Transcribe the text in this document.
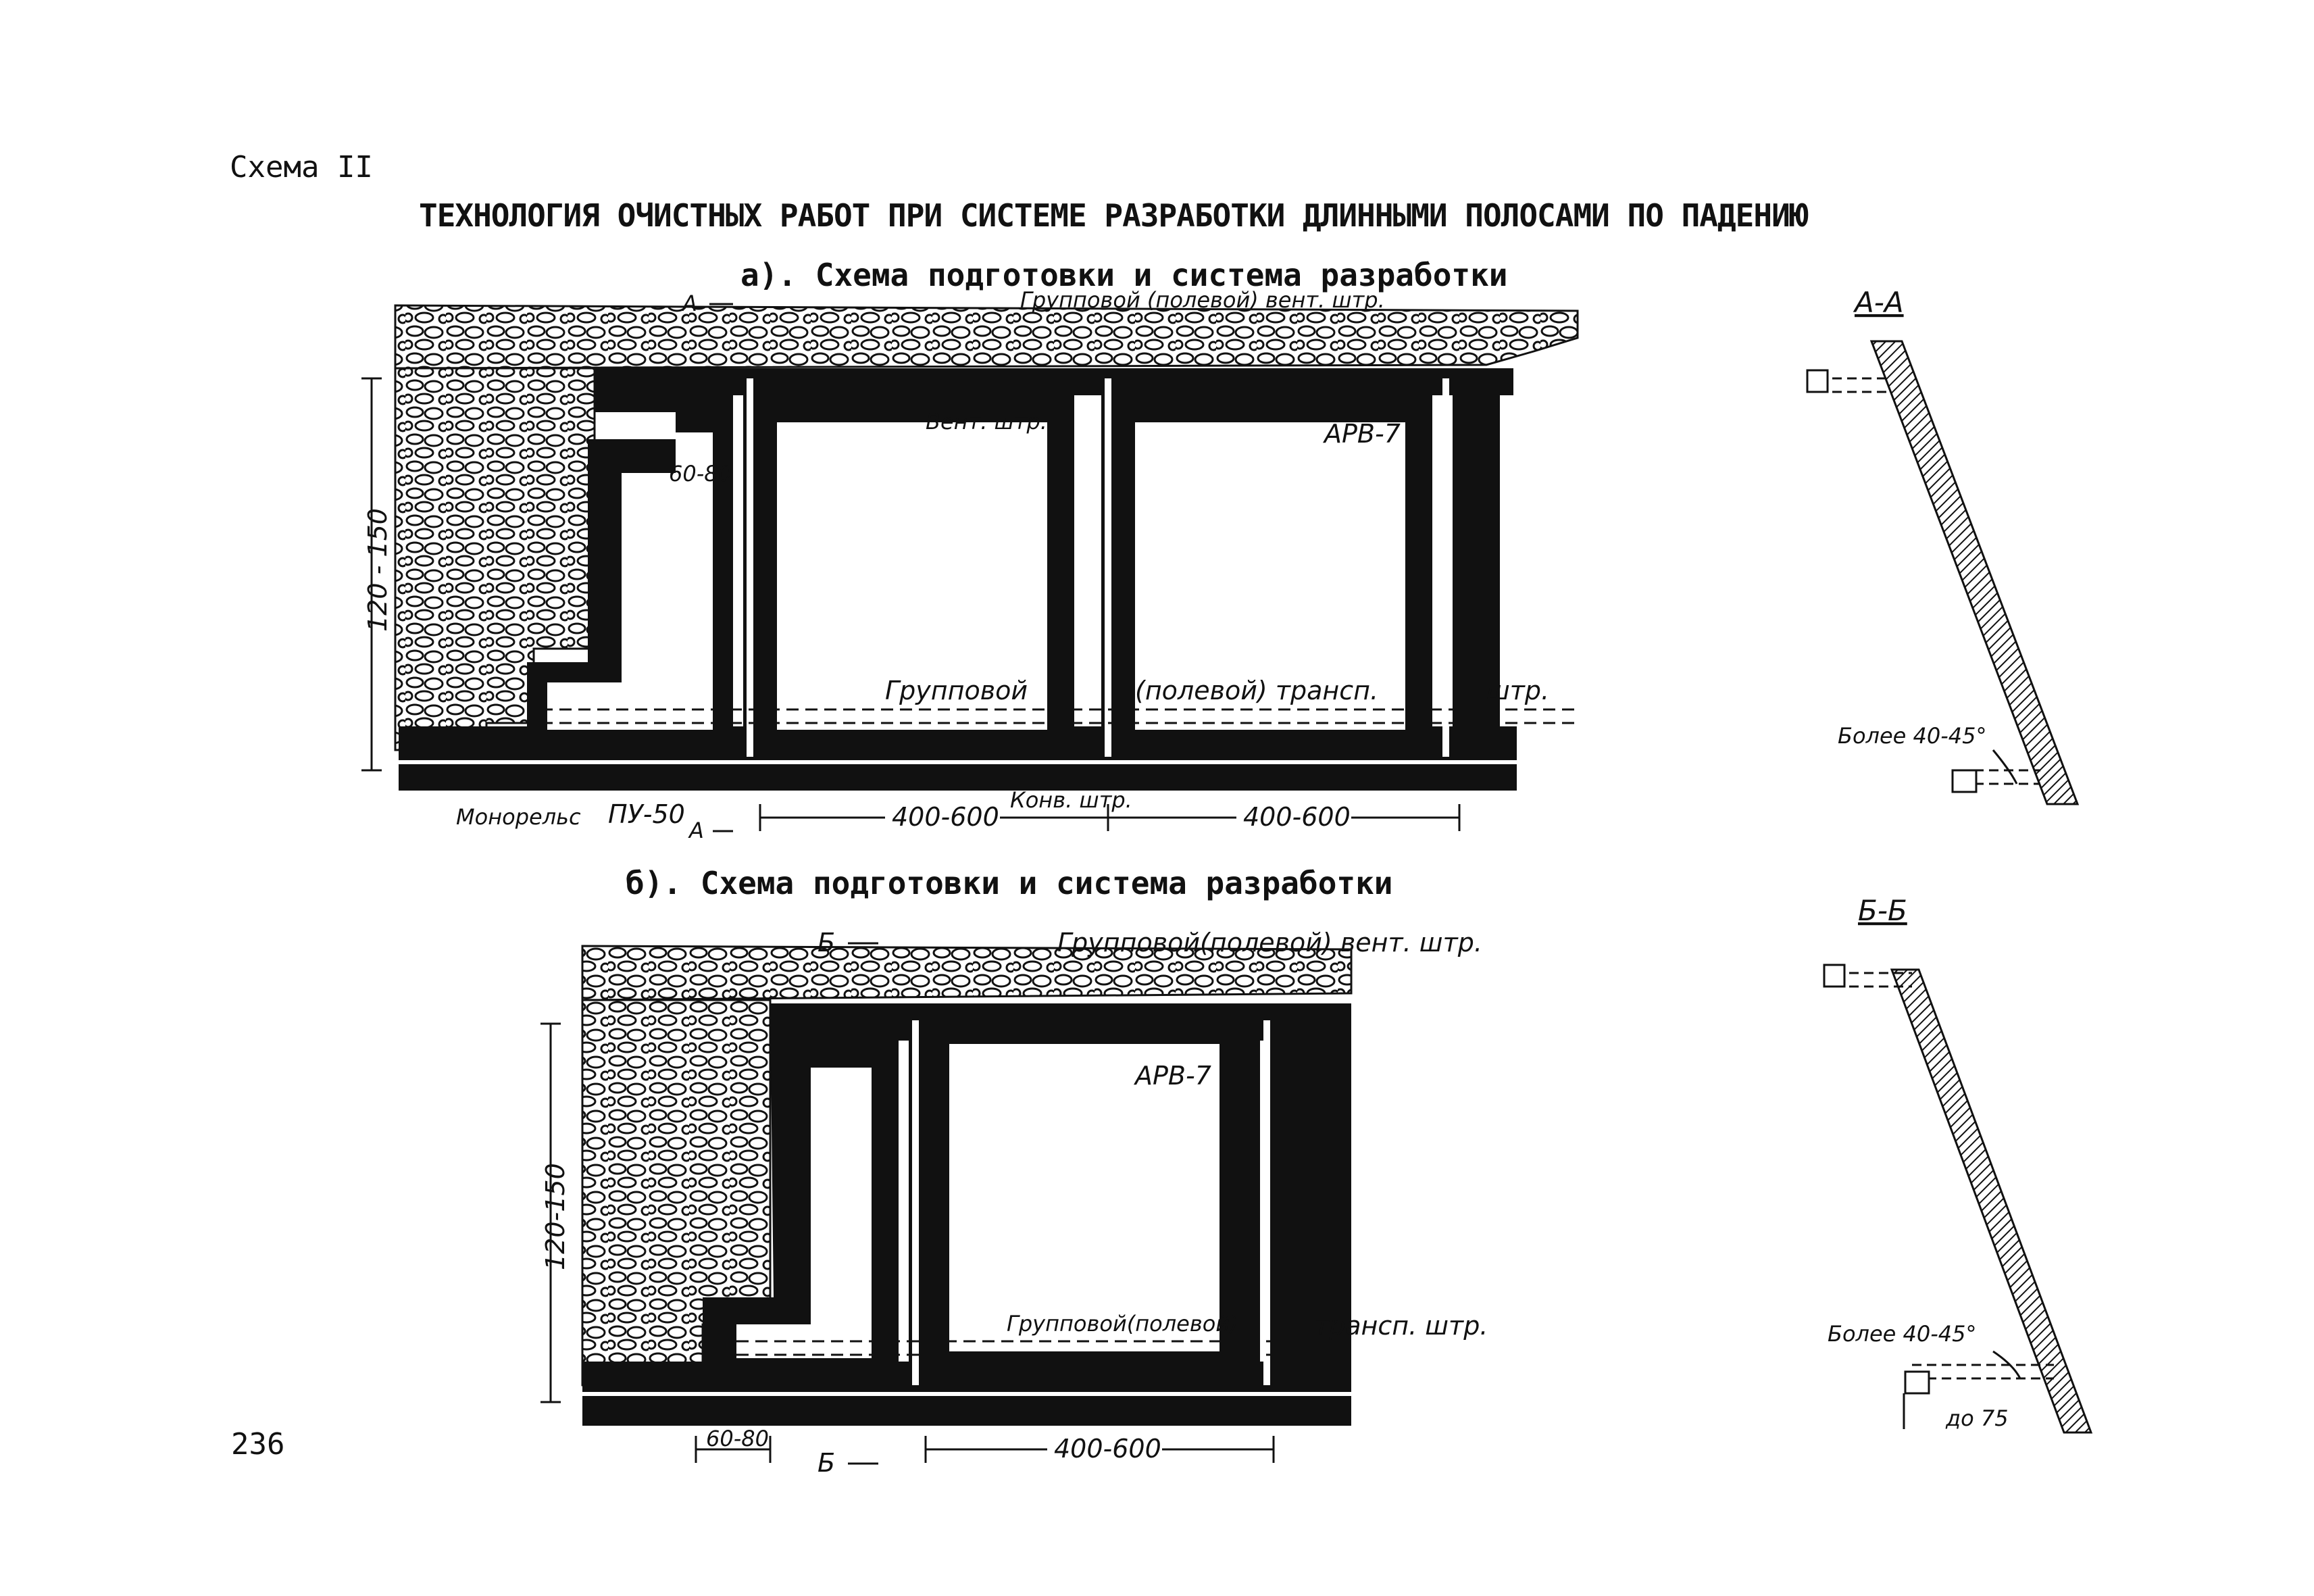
Схема II
ТЕХНОЛОГИЯ ОЧИСТНЫХ РАБОТ ПРИ СИСТЕМЕ РАЗРАБОТКИ ДЛИННЫМИ ПОЛОСАМИ ПО ПАДЕНИЮ
а). Схема подготовки и система разработки
б). Схема подготовки и система разработки
236
120 - 150
400-600	400-600
А
А
Групповой (полевой) вент. штр.
Вент. штр.	АРВ-7
60-80
Групповой	(полевой) трансп.	штр.
Монорельс ПУ-50	Конв. штр.
А-А
Более 40-45°
120-150
400-600
60-80
Б
Б
Групповой(полевой) вент. штр.
АРВ-7
Групповой(полевой)	трансп. штр.
Б-Б
Более 40-45°
до 75
